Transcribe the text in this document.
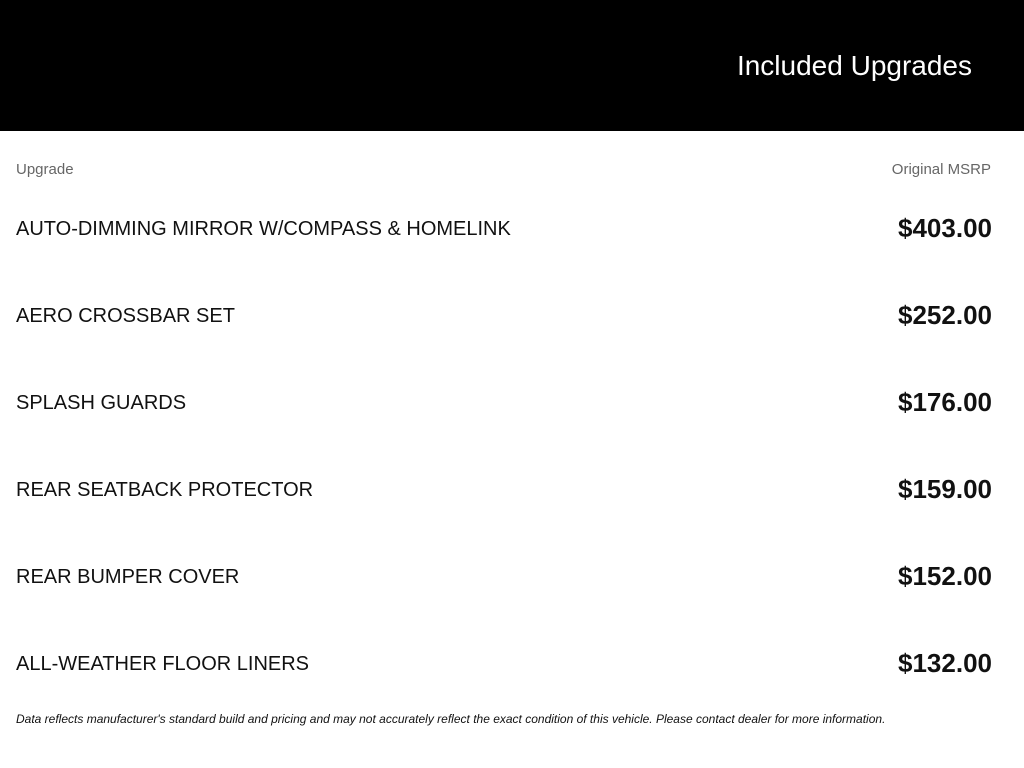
Included Upgrades
Upgrade	Original MSRP
AUTO-DIMMING MIRROR W/COMPASS & HOMELINK	$403.00
AERO CROSSBAR SET	$252.00
SPLASH GUARDS	$176.00
REAR SEATBACK PROTECTOR	$159.00
REAR BUMPER COVER	$152.00
ALL-WEATHER FLOOR LINERS	$132.00
Data reflects manufacturer's standard build and pricing and may not accurately reflect the exact condition of this vehicle. Please contact dealer for more information.
